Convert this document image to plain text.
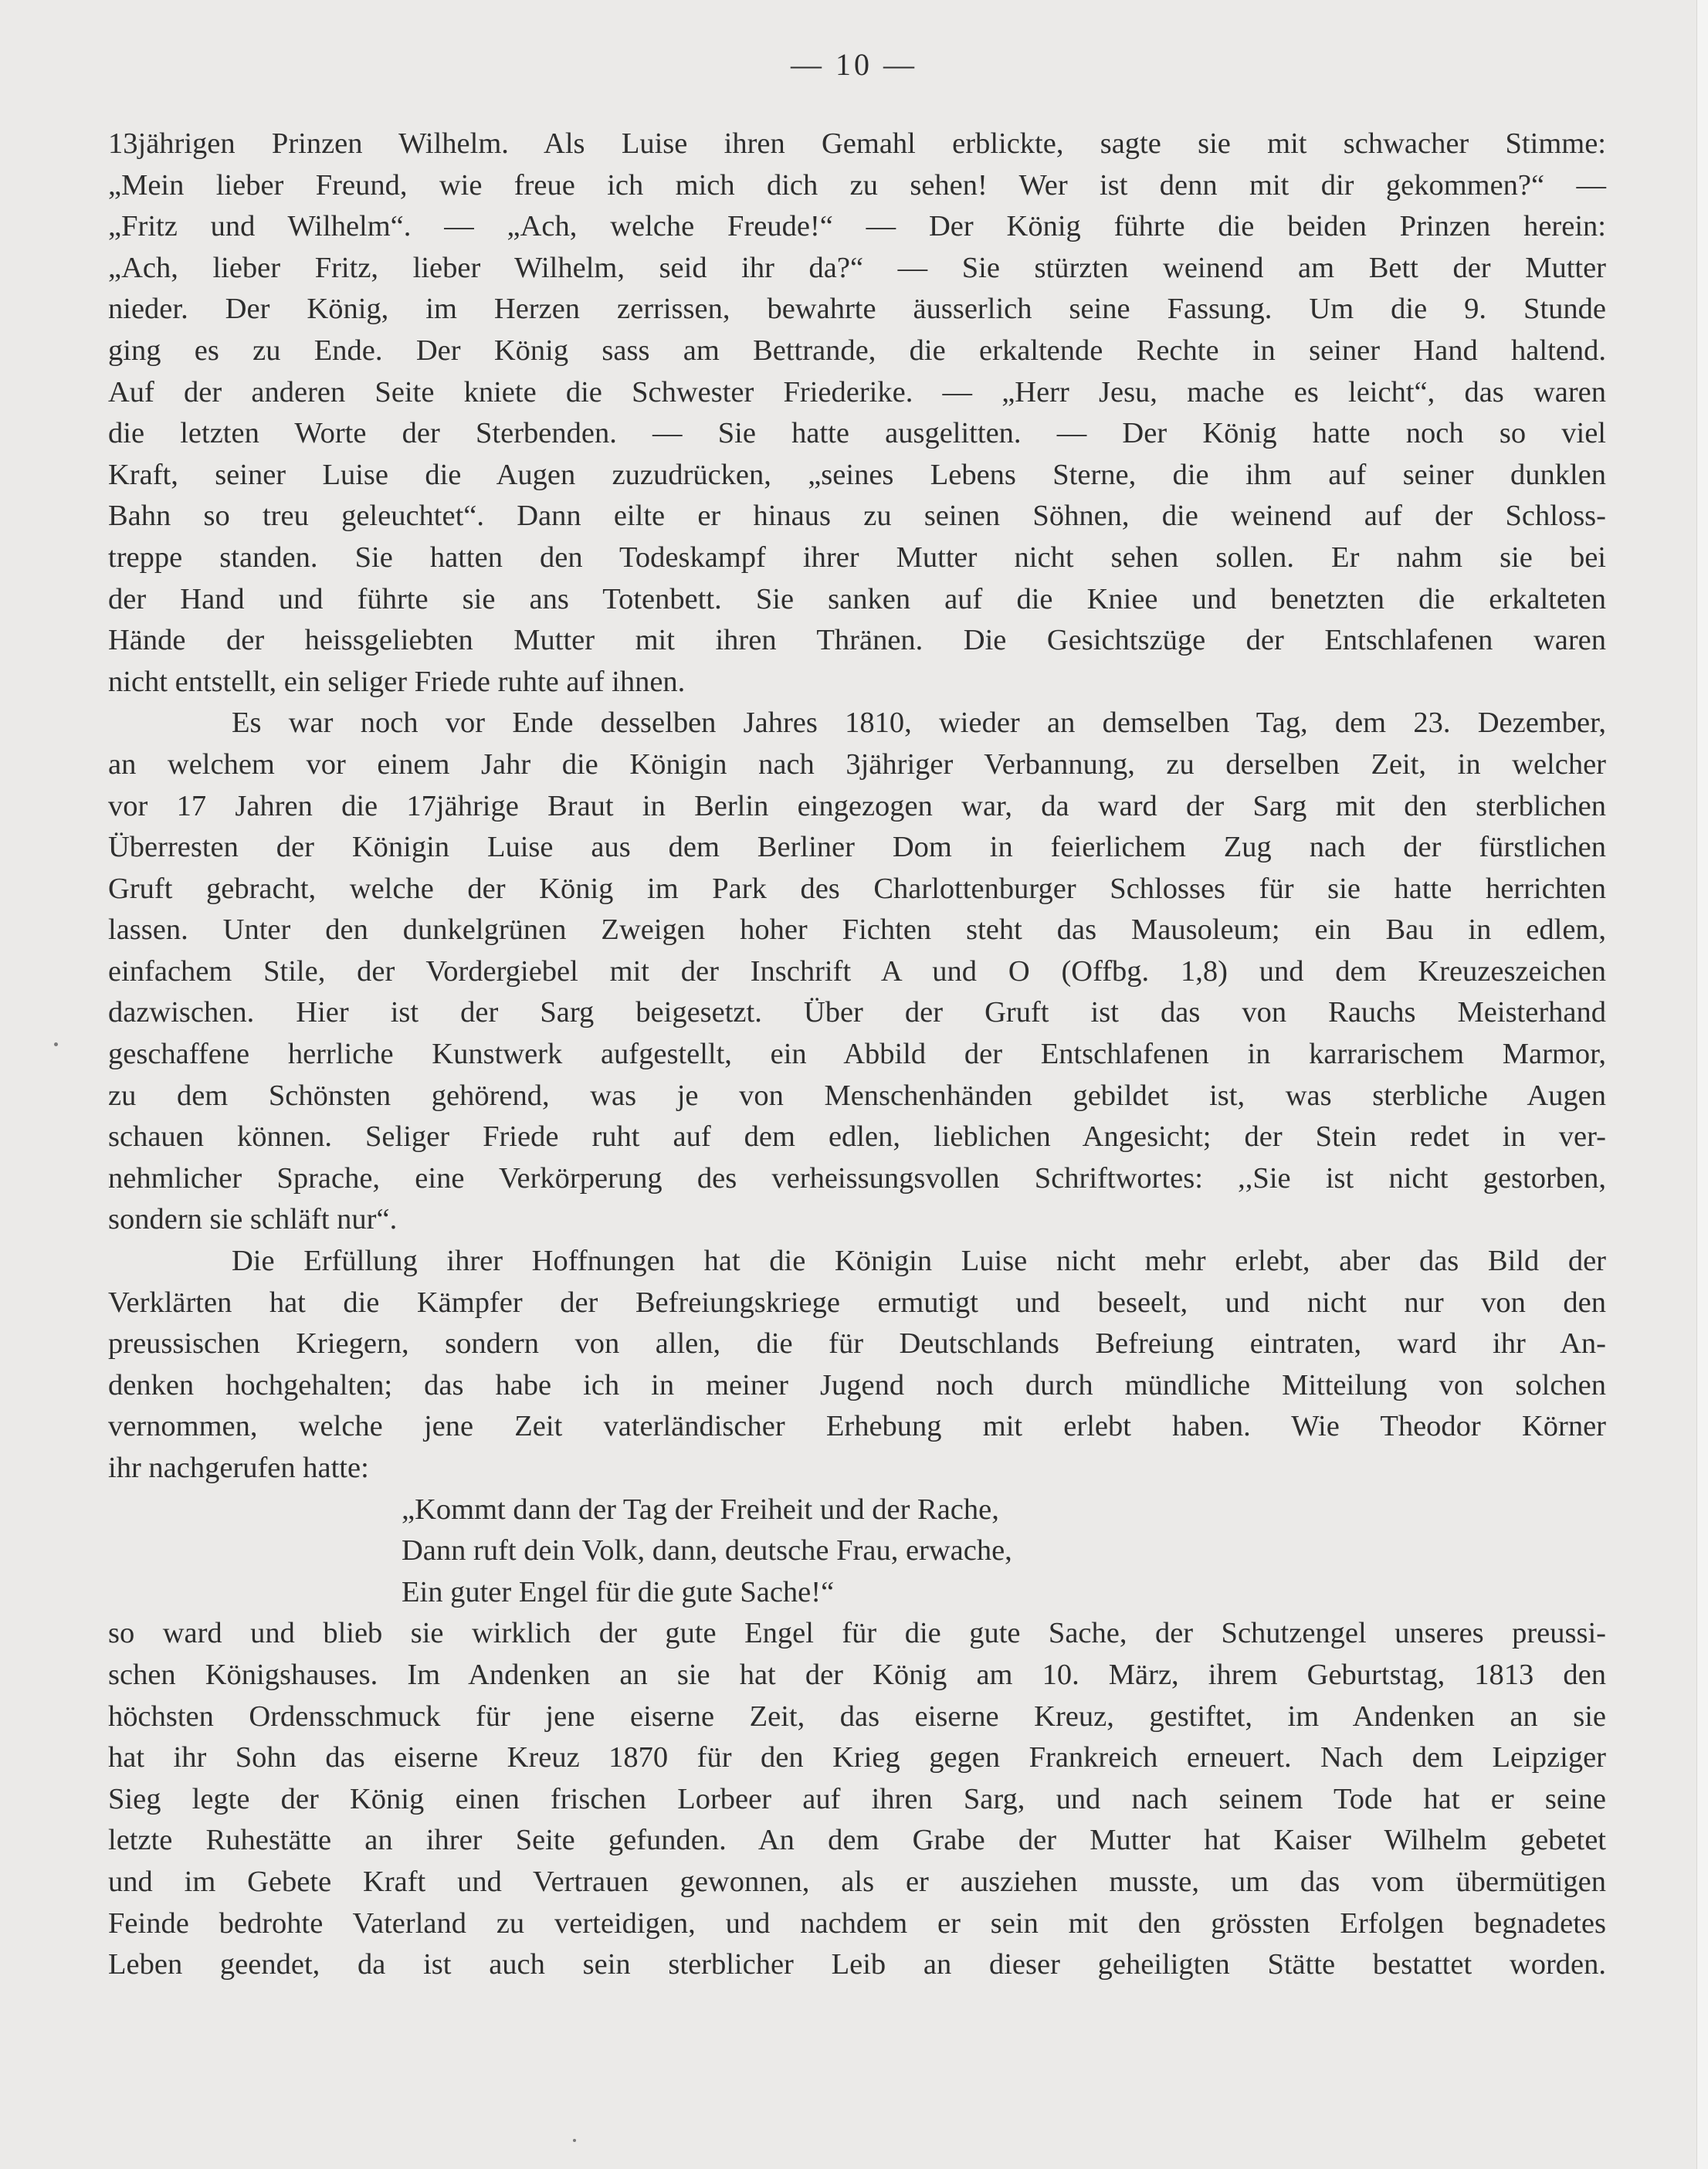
— 10 —
13jährigen Prinzen Wilhelm. Als Luise ihren Gemahl erblickte, sagte sie mit schwacher Stimme:
„Mein lieber Freund, wie freue ich mich dich zu sehen! Wer ist denn mit dir gekommen?“ —
„Fritz und Wilhelm“. — „Ach, welche Freude!“ — Der König führte die beiden Prinzen herein:
„Ach, lieber Fritz, lieber Wilhelm, seid ihr da?“ — Sie stürzten weinend am Bett der Mutter
nieder. Der König, im Herzen zerrissen, bewahrte äusserlich seine Fassung. Um die 9. Stunde
ging es zu Ende. Der König sass am Bettrande, die erkaltende Rechte in seiner Hand haltend.
Auf der anderen Seite kniete die Schwester Friederike. — „Herr Jesu, mache es leicht“, das waren
die letzten Worte der Sterbenden. — Sie hatte ausgelitten. — Der König hatte noch so viel
Kraft, seiner Luise die Augen zuzudrücken, „seines Lebens Sterne, die ihm auf seiner dunklen
Bahn so treu geleuchtet“. Dann eilte er hinaus zu seinen Söhnen, die weinend auf der Schloss-
treppe standen. Sie hatten den Todeskampf ihrer Mutter nicht sehen sollen. Er nahm sie bei
der Hand und führte sie ans Totenbett. Sie sanken auf die Kniee und benetzten die erkalteten
Hände der heissgeliebten Mutter mit ihren Thränen. Die Gesichtszüge der Entschlafenen waren
nicht entstellt, ein seliger Friede ruhte auf ihnen.
Es war noch vor Ende desselben Jahres 1810, wieder an demselben Tag, dem 23. Dezember,
an welchem vor einem Jahr die Königin nach 3jähriger Verbannung, zu derselben Zeit, in welcher
vor 17 Jahren die 17jährige Braut in Berlin eingezogen war, da ward der Sarg mit den sterblichen
Überresten der Königin Luise aus dem Berliner Dom in feierlichem Zug nach der fürstlichen
Gruft gebracht, welche der König im Park des Charlottenburger Schlosses für sie hatte herrichten
lassen. Unter den dunkelgrünen Zweigen hoher Fichten steht das Mausoleum; ein Bau in edlem,
einfachem Stile, der Vordergiebel mit der Inschrift A und O (Offbg. 1,8) und dem Kreuzeszeichen
dazwischen. Hier ist der Sarg beigesetzt. Über der Gruft ist das von Rauchs Meisterhand
geschaffene herrliche Kunstwerk aufgestellt, ein Abbild der Entschlafenen in karrarischem Marmor,
zu dem Schönsten gehörend, was je von Menschenhänden gebildet ist, was sterbliche Augen
schauen können. Seliger Friede ruht auf dem edlen, lieblichen Angesicht; der Stein redet in ver-
nehmlicher Sprache, eine Verkörperung des verheissungsvollen Schriftwortes: ,,Sie ist nicht gestorben,
sondern sie schläft nur“.
Die Erfüllung ihrer Hoffnungen hat die Königin Luise nicht mehr erlebt, aber das Bild der
Verklärten hat die Kämpfer der Befreiungskriege ermutigt und beseelt, und nicht nur von den
preussischen Kriegern, sondern von allen, die für Deutschlands Befreiung eintraten, ward ihr An-
denken hochgehalten; das habe ich in meiner Jugend noch durch mündliche Mitteilung von solchen
vernommen, welche jene Zeit vaterländischer Erhebung mit erlebt haben. Wie Theodor Körner
ihr nachgerufen hatte:
„Kommt dann der Tag der Freiheit und der Rache,
Dann ruft dein Volk, dann, deutsche Frau, erwache,
Ein guter Engel für die gute Sache!“
so ward und blieb sie wirklich der gute Engel für die gute Sache, der Schutzengel unseres preussi-
schen Königshauses. Im Andenken an sie hat der König am 10. März, ihrem Geburtstag, 1813 den
höchsten Ordensschmuck für jene eiserne Zeit, das eiserne Kreuz, gestiftet, im Andenken an sie
hat ihr Sohn das eiserne Kreuz 1870 für den Krieg gegen Frankreich erneuert. Nach dem Leipziger
Sieg legte der König einen frischen Lorbeer auf ihren Sarg, und nach seinem Tode hat er seine
letzte Ruhestätte an ihrer Seite gefunden. An dem Grabe der Mutter hat Kaiser Wilhelm gebetet
und im Gebete Kraft und Vertrauen gewonnen, als er ausziehen musste, um das vom übermütigen
Feinde bedrohte Vaterland zu verteidigen, und nachdem er sein mit den grössten Erfolgen begnadetes
Leben geendet, da ist auch sein sterblicher Leib an dieser geheiligten Stätte bestattet worden.
